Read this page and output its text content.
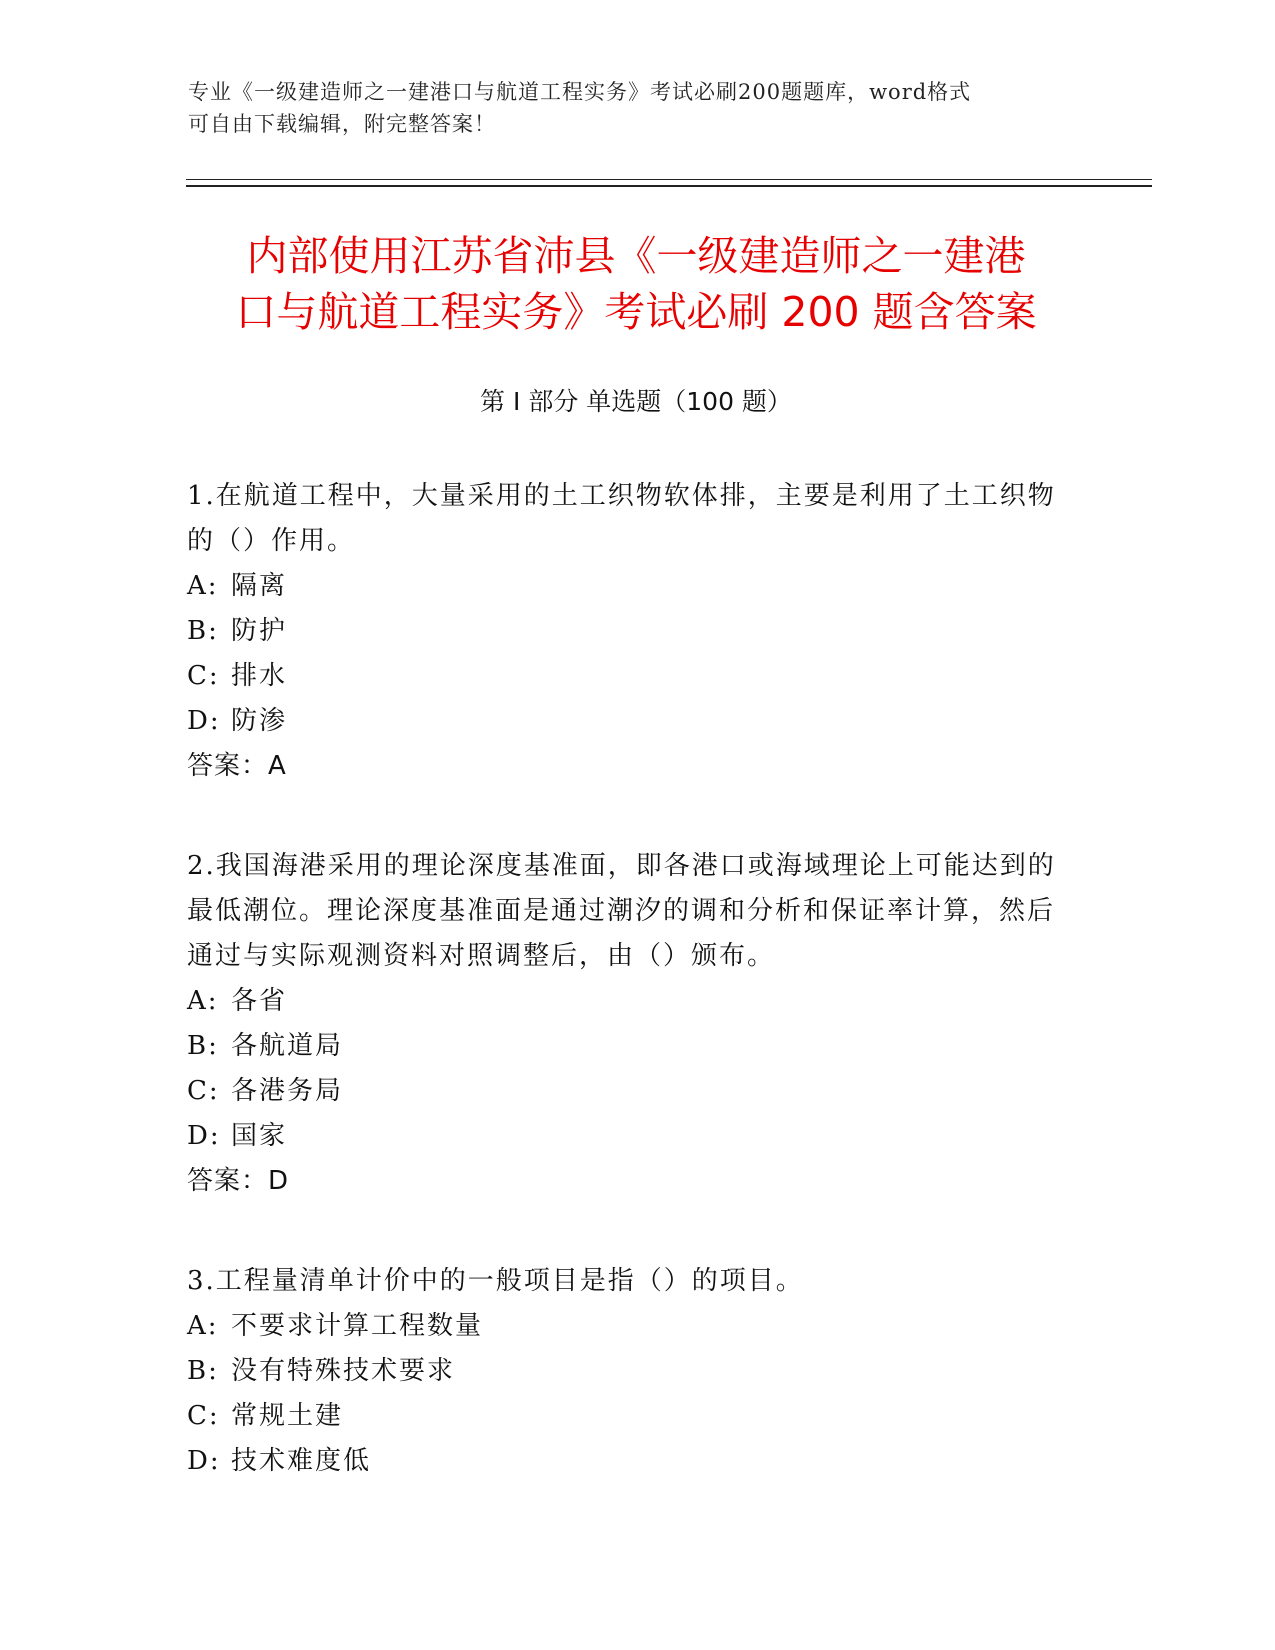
专业《一级建造师之一建港口与航道工程实务》考试必刷200题题库，word格式
可自由下载编辑，附完整答案！
内部使用江苏省沛县《一级建造师之一建港
口与航道工程实务》考试必刷 200 题含答案
第 I 部分 单选题（100 题）
1.在航道工程中，大量采用的土工织物软体排，主要是利用了土工织物的（）作用。
A: 隔离
B: 防护
C: 排水
D: 防渗
答案：A
2.我国海港采用的理论深度基准面，即各港口或海域理论上可能达到的最低潮位。理论深度基准面是通过潮汐的调和分析和保证率计算，然后通过与实际观测资料对照调整后，由（）颁布。
A: 各省
B: 各航道局
C: 各港务局
D: 国家
答案：D
3.工程量清单计价中的一般项目是指（）的项目。
A: 不要求计算工程数量
B: 没有特殊技术要求
C: 常规土建
D: 技术难度低
